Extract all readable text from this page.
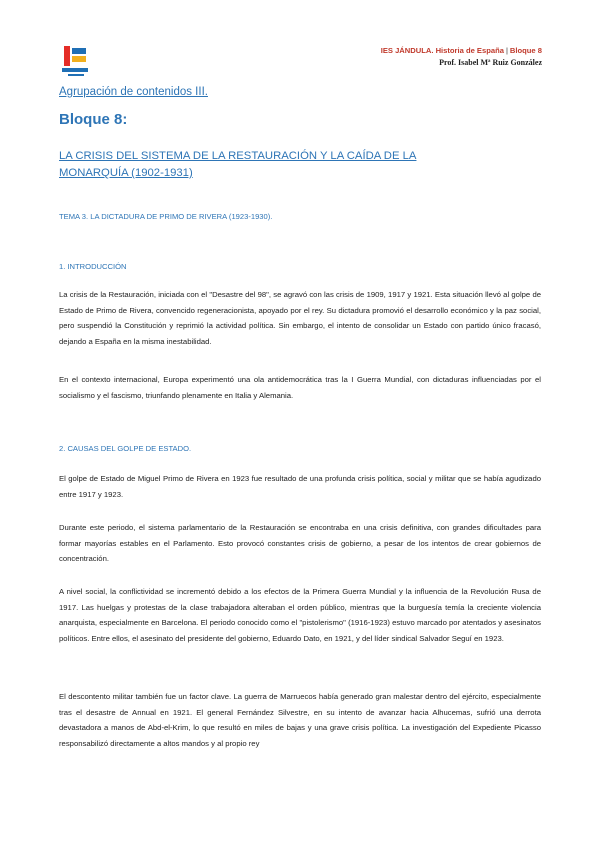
IES JÁNDULA. Historia de España | Bloque 8
Prof. Isabel Mª Ruiz González
Agrupación de contenidos III.
Bloque 8:
LA CRISIS DEL SISTEMA DE LA RESTAURACIÓN Y LA CAÍDA DE LA MONARQUÍA (1902-1931)
TEMA 3. LA DICTADURA DE PRIMO DE RIVERA (1923-1930).
1. INTRODUCCIÓN
La crisis de la Restauración, iniciada con el "Desastre del 98", se agravó con las crisis de 1909, 1917 y 1921. Esta situación llevó al golpe de Estado de Primo de Rivera, convencido regeneracionista, apoyado por el rey. Su dictadura promovió el desarrollo económico y la paz social, pero suspendió la Constitución y reprimió la actividad política. Sin embargo, el intento de consolidar un Estado con partido único fracasó, dejando a España en la misma inestabilidad.
En el contexto internacional, Europa experimentó una ola antidemocrática tras la I Guerra Mundial, con dictaduras influenciadas por el socialismo y el fascismo, triunfando plenamente en Italia y Alemania.
2. CAUSAS DEL GOLPE DE ESTADO.
El golpe de Estado de Miguel Primo de Rivera en 1923 fue resultado de una profunda crisis política, social y militar que se había agudizado entre 1917 y 1923.
Durante este periodo, el sistema parlamentario de la Restauración se encontraba en una crisis definitiva, con grandes dificultades para formar mayorías estables en el Parlamento. Esto provocó constantes crisis de gobierno, a pesar de los intentos de crear gobiernos de concentración.
A nivel social, la conflictividad se incrementó debido a los efectos de la Primera Guerra Mundial y la influencia de la Revolución Rusa de 1917. Las huelgas y protestas de la clase trabajadora alteraban el orden público, mientras que la burguesía temía la creciente violencia anarquista, especialmente en Barcelona. El periodo conocido como el "pistolerismo" (1916-1923) estuvo marcado por atentados y asesinatos políticos. Entre ellos, el asesinato del presidente del gobierno, Eduardo Dato, en 1921, y del líder sindical Salvador Seguí en 1923.
El descontento militar también fue un factor clave. La guerra de Marruecos había generado gran malestar dentro del ejército, especialmente tras el desastre de Annual en 1921. El general Fernández Silvestre, en su intento de avanzar hacia Alhucemas, sufrió una derrota devastadora a manos de Abd-el-Krim, lo que resultó en miles de bajas y una grave crisis política. La investigación del Expediente Picasso responsabilizó directamente a altos mandos y al propio rey
